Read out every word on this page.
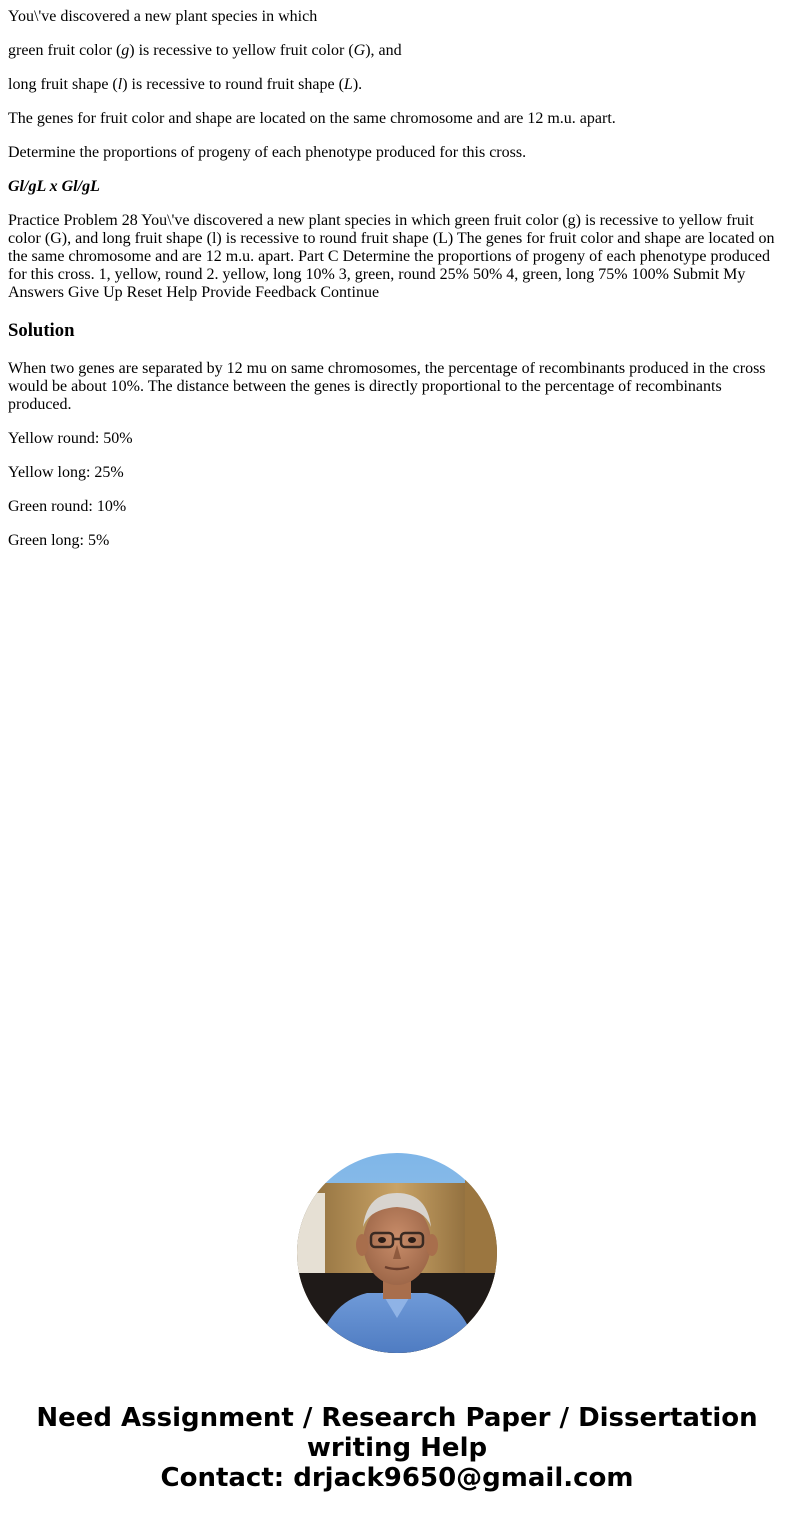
You\'ve discovered a new plant species in which

green fruit color (g) is recessive to yellow fruit color (G), and

long fruit shape (l) is recessive to round fruit shape (L).

The genes for fruit color and shape are located on the same chromosome and are 12 m.u. apart.

Determine the proportions of progeny of each phenotype produced for this cross.

Gl/gL x Gl/gL

Practice Problem 28 You\'ve discovered a new plant species in which green fruit color (g) is recessive to yellow fruit color (G), and long fruit shape (l) is recessive to round fruit shape (L) The genes for fruit color and shape are located on the same chromosome and are 12 m.u. apart. Part C Determine the proportions of progeny of each phenotype produced for this cross. 1, yellow, round 2. yellow, long 10% 3, green, round 25% 50% 4, green, long 75% 100% Submit My Answers Give Up Reset Help Provide Feedback Continue

Solution

When two genes are separated by 12 mu on same chromosomes, the percentage of recombinants produced in the cross would be about 10%. The distance between the genes is directly proportional to the percentage of recombinants produced.

Yellow round: 50%

Yellow long: 25%

Green round: 10%

Green long: 5%

Need Assignment / Research Paper / Dissertation
writing Help
Contact: drjack9650@gmail.com
